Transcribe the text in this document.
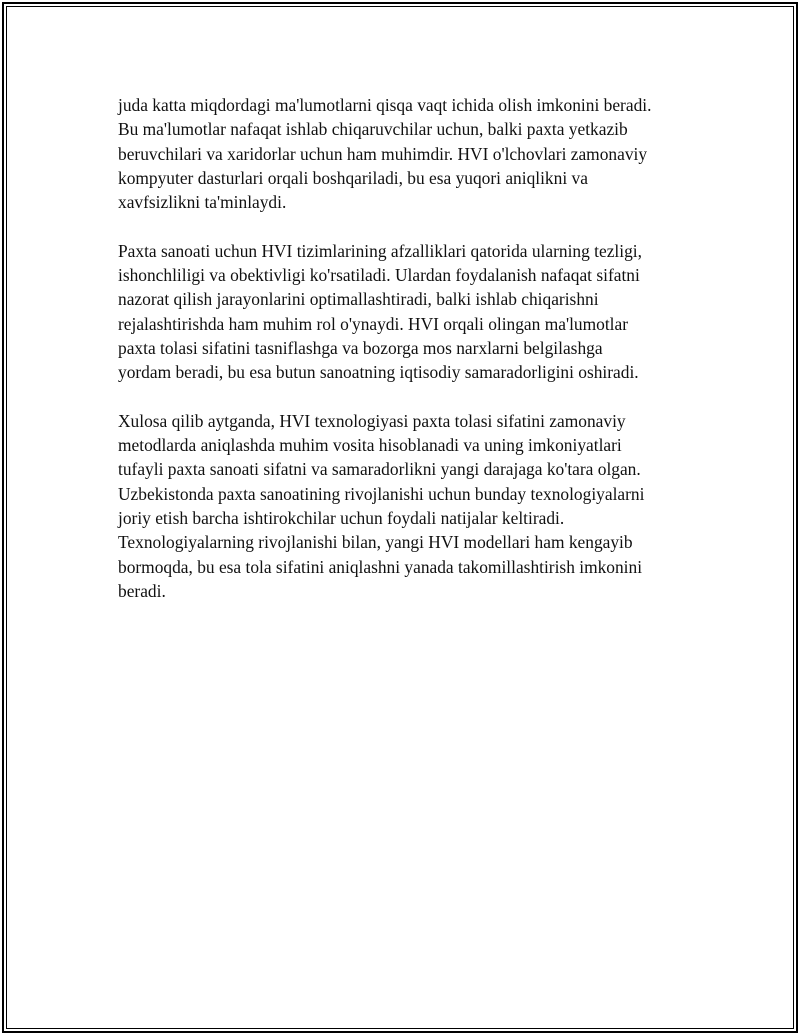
juda katta miqdordagi ma'lumotlarni qisqa vaqt ichida olish imkonini beradi.
Bu ma'lumotlar nafaqat ishlab chiqaruvchilar uchun, balki paxta yetkazib
beruvchilari va xaridorlar uchun ham muhimdir. HVI o'lchovlari zamonaviy
kompyuter dasturlari orqali boshqariladi, bu esa yuqori aniqlikni va
xavfsizlikni ta'minlaydi.

Paxta sanoati uchun HVI tizimlarining afzalliklari qatorida ularning tezligi,
ishonchliligi va obektivligi ko'rsatiladi. Ulardan foydalanish nafaqat sifatni
nazorat qilish jarayonlarini optimallashtiradi, balki ishlab chiqarishni
rejalashtirishda ham muhim rol o'ynaydi. HVI orqali olingan ma'lumotlar
paxta tolasi sifatini tasniflashga va bozorga mos narxlarni belgilashga
yordam beradi, bu esa butun sanoatning iqtisodiy samaradorligini oshiradi.

Xulosa qilib aytganda, HVI texnologiyasi paxta tolasi sifatini zamonaviy
metodlarda aniqlashda muhim vosita hisoblanadi va uning imkoniyatlari
tufayli paxta sanoati sifatni va samaradorlikni yangi darajaga ko'tara olgan.
Uzbekistonda paxta sanoatining rivojlanishi uchun bunday texnologiyalarni
joriy etish barcha ishtirokchilar uchun foydali natijalar keltiradi.
Texnologiyalarning rivojlanishi bilan, yangi HVI modellari ham kengayib
bormoqda, bu esa tola sifatini aniqlashni yanada takomillashtirish imkonini
beradi.
